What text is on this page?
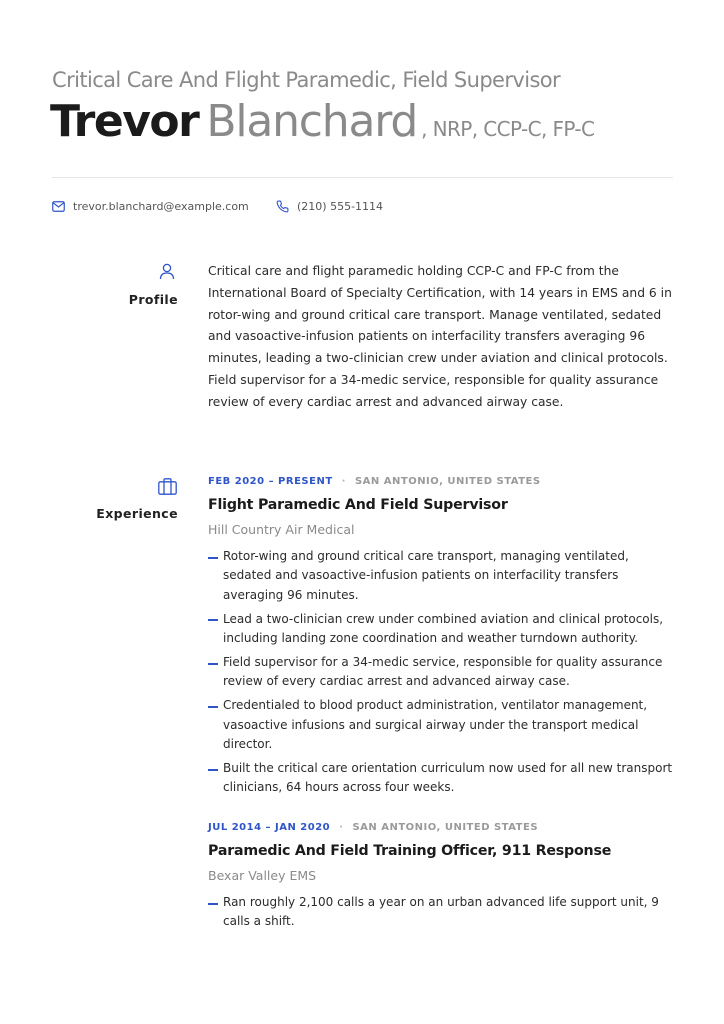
Critical Care And Flight Paramedic, Field Supervisor
Trevor Blanchard , NRP, CCP-C, FP-C
trevor.blanchard@example.com	(210) 555-1114
Profile
Critical care and flight paramedic holding CCP-C and FP-C from the International Board of Specialty Certification, with 14 years in EMS and 6 in rotor-wing and ground critical care transport. Manage ventilated, sedated and vasoactive-infusion patients on interfacility transfers averaging 96 minutes, leading a two-clinician crew under aviation and clinical protocols. Field supervisor for a 34-medic service, responsible for quality assurance review of every cardiac arrest and advanced airway case.
Experience
FEB 2020 – PRESENT · SAN ANTONIO, UNITED STATES
Flight Paramedic And Field Supervisor
Hill Country Air Medical
Rotor-wing and ground critical care transport, managing ventilated, sedated and vasoactive-infusion patients on interfacility transfers averaging 96 minutes.
Lead a two-clinician crew under combined aviation and clinical protocols, including landing zone coordination and weather turndown authority.
Field supervisor for a 34-medic service, responsible for quality assurance review of every cardiac arrest and advanced airway case.
Credentialed to blood product administration, ventilator management, vasoactive infusions and surgical airway under the transport medical director.
Built the critical care orientation curriculum now used for all new transport clinicians, 64 hours across four weeks.
JUL 2014 – JAN 2020 · SAN ANTONIO, UNITED STATES
Paramedic And Field Training Officer, 911 Response
Bexar Valley EMS
Ran roughly 2,100 calls a year on an urban advanced life support unit, 9 calls a shift.
